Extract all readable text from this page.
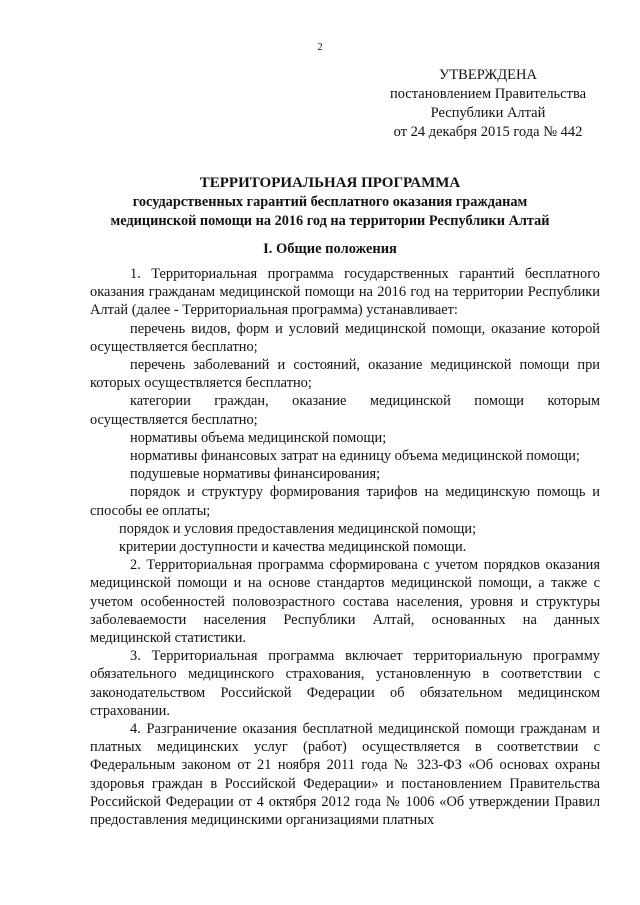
2
УТВЕРЖДЕНА
постановлением Правительства
Республики Алтай
от 24 декабря 2015 года № 442
ТЕРРИТОРИАЛЬНАЯ ПРОГРАММА
государственных гарантий бесплатного оказания гражданам
медицинской помощи на 2016 год на территории Республики Алтай
I. Общие положения

1. Территориальная программа государственных гарантий бесплатного оказания гражданам медицинской помощи на 2016 год на территории Республики Алтай (далее - Территориальная программа) устанавливает:

перечень видов, форм и условий медицинской помощи, оказание которой осуществляется бесплатно;

перечень заболеваний и состояний, оказание медицинской помощи при которых осуществляется бесплатно;

категории граждан, оказание медицинской помощи которым осуществляется бесплатно;

нормативы объема медицинской помощи;

нормативы финансовых затрат на единицу объема медицинской помощи;

подушевые нормативы финансирования;

порядок и структуру формирования тарифов на медицинскую помощь и способы ее оплаты;

порядок и условия предоставления медицинской помощи;

критерии доступности и качества медицинской помощи.

2. Территориальная программа сформирована с учетом порядков оказания медицинской помощи и на основе стандартов медицинской помощи, а также с учетом особенностей половозрастного состава населения, уровня и структуры заболеваемости населения Республики Алтай, основанных на данных медицинской статистики.

3. Территориальная программа включает территориальную программу обязательного медицинского страхования, установленную в соответствии с законодательством Российской Федерации об обязательном медицинском страховании.

4. Разграничение оказания бесплатной медицинской помощи гражданам и платных медицинских услуг (работ) осуществляется в соответствии с Федеральным законом от 21 ноября 2011 года № 323-ФЗ «Об основах охраны здоровья граждан в Российской Федерации» и постановлением Правительства Российской Федерации от 4 октября 2012 года № 1006 «Об утверждении Правил предоставления медицинскими организациями платных
